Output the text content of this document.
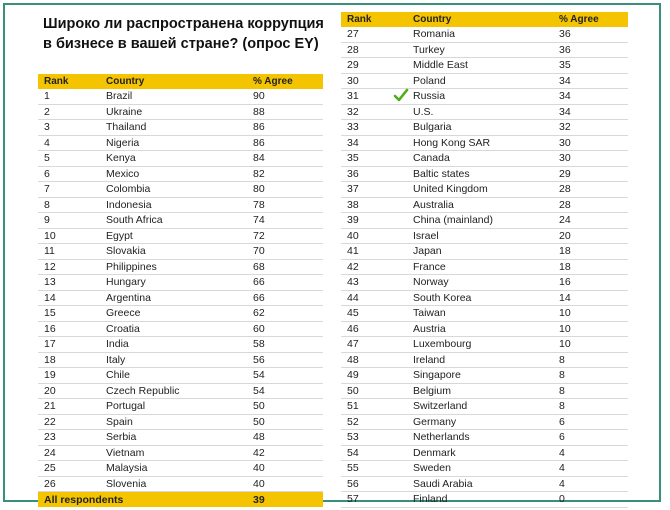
Широко ли распространена коррупция в бизнесе в вашей стране? (опрос EY)
Rank	Country	% Agree
1	Brazil	90
2	Ukraine	88
3	Thailand	86
4	Nigeria	86
5	Kenya	84
6	Mexico	82
7	Colombia	80
8	Indonesia	78
9	South Africa	74
10	Egypt	72
11	Slovakia	70
12	Philippines	68
13	Hungary	66
14	Argentina	66
15	Greece	62
16	Croatia	60
17	India	58
18	Italy	56
19	Chile	54
20	Czech Republic	54
21	Portugal	50
22	Spain	50
23	Serbia	48
24	Vietnam	42
25	Malaysia	40
26	Slovenia	40
All respondents	39
Rank	Country	% Agree
27	Romania	36
28	Turkey	36
29	Middle East	35
30	Poland	34
31	Russia	34
32	U.S.	34
33	Bulgaria	32
34	Hong Kong SAR	30
35	Canada	30
36	Baltic states	29
37	United Kingdom	28
38	Australia	28
39	China (mainland)	24
40	Israel	20
41	Japan	18
42	France	18
43	Norway	16
44	South Korea	14
45	Taiwan	10
46	Austria	10
47	Luxembourg	10
48	Ireland	8
49	Singapore	8
50	Belgium	8
51	Switzerland	8
52	Germany	6
53	Netherlands	6
54	Denmark	4
55	Sweden	4
56	Saudi Arabia	4
57	Finland	0
